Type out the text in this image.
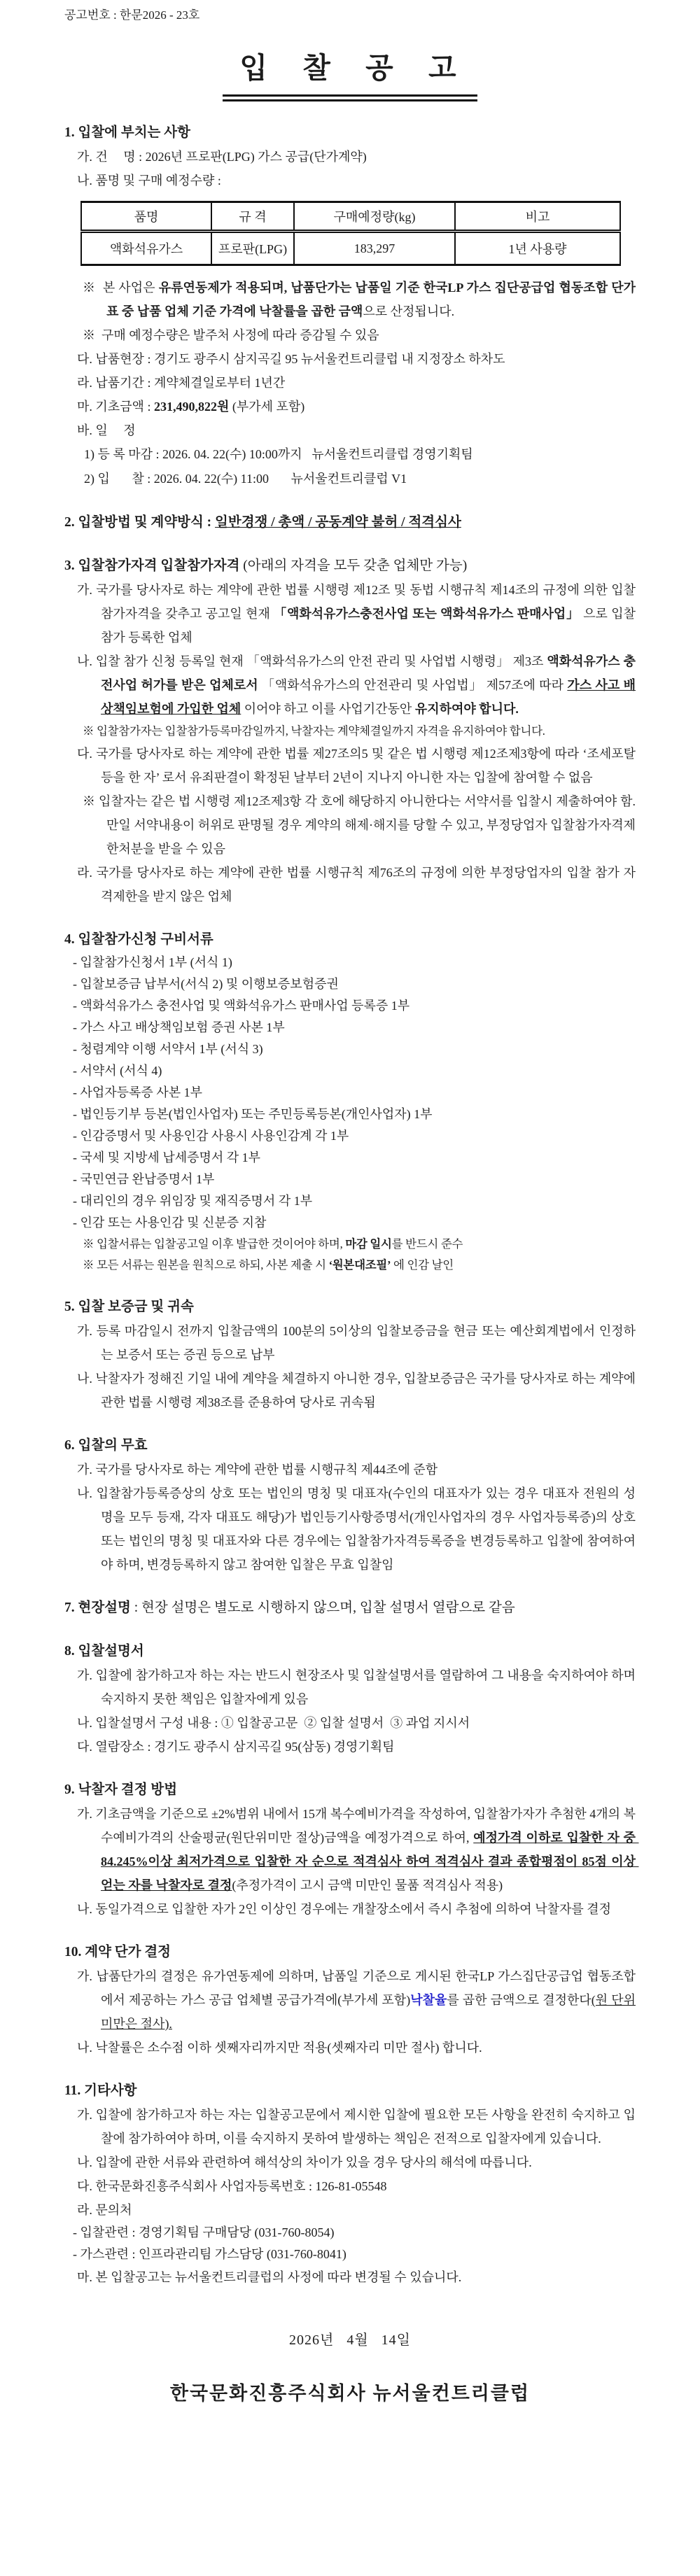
공고번호 : 한문2026 - 23호
입 찰 공 고
1. 입찰에 부치는 사항
가. 건     명 : 2026년 프로판(LPG) 가스 공급(단가계약)
나. 품명 및 구매 예정수량 :
품명	규 격	구매예정량(kg)	비고
액화석유가스	프로판(LPG)	183,297	1년 사용량
※  본 사업은 유류연동제가 적용되며, 납품단가는 납품일 기준 한국LP 가스 집단공급업 협동조합 단가표 중 납품 업체 기준 가격에 낙찰률을 곱한 금액으로 산정됩니다.
※  구매 예정수량은 발주처 사정에 따라 증감될 수 있음
다. 납품현장 : 경기도 광주시 삼지곡길 95 뉴서울컨트리클럽 내 지정장소 하차도
라. 납품기간 : 계약체결일로부터 1년간
마. 기초금액 : 231,490,822원 (부가세 포함)
바. 일     정
1) 등 록 마감 : 2026. 04. 22(수) 10:00까지   뉴서울컨트리클럽 경영기획팀
2) 입       찰 : 2026. 04. 22(수) 11:00       뉴서울컨트리클럽 V1
2. 입찰방법 및 계약방식 : 일반경쟁 / 총액 / 공동계약 불허 / 적격심사
3. 입찰참가자격 입찰참가자격 (아래의 자격을 모두 갖춘 업체만 가능)
가. 국가를 당사자로 하는 계약에 관한 법률 시행령 제12조 및 동법 시행규칙 제14조의 규정에 의한 입찰참가자격을 갖추고 공고일 현재 「액화석유가스충전사업 또는 액화석유가스 판매사업」 으로 입찰참가 등록한 업체
나. 입찰 참가 신청 등록일 현재 「액화석유가스의 안전 관리 및 사업법 시행령」 제3조 액화석유가스 충전사업 허가를 받은 업체로서 「액화석유가스의 안전관리 및 사업법」 제57조에 따라 가스 사고 배상책임보험에 가입한 업체 이어야 하고 이를 사업기간동안 유지하여야 합니다.
※ 입찰참가자는 입찰참가등록마감일까지, 낙찰자는 계약체결일까지 자격을 유지하여야 합니다.
다. 국가를 당사자로 하는 계약에 관한 법률 제27조의5 및 같은 법 시행령 제12조제3항에 따라 ‘조세포탈 등을 한 자’ 로서 유죄판결이 확정된 날부터 2년이 지나지 아니한 자는 입찰에 참여할 수 없음
※ 입찰자는 같은 법 시행령 제12조제3항 각 호에 해당하지 아니한다는 서약서를 입찰시 제출하여야 함. 만일 서약내용이 허위로 판명될 경우 계약의 해제·해지를 당할 수 있고, 부정당업자 입찰참가자격제한처분을 받을 수 있음
라. 국가를 당사자로 하는 계약에 관한 법률 시행규칙 제76조의 규정에 의한 부정당업자의 입찰 참가 자격제한을 받지 않은 업체
4. 입찰참가신청 구비서류
- 입찰참가신청서 1부 (서식 1)
- 입찰보증금 납부서(서식 2) 및 이행보증보험증권
- 액화석유가스 충전사업 및 액화석유가스 판매사업 등록증 1부
- 가스 사고 배상책임보험 증권 사본 1부
- 청렴계약 이행 서약서 1부 (서식 3)
- 서약서 (서식 4)
- 사업자등록증 사본 1부
- 법인등기부 등본(법인사업자) 또는 주민등록등본(개인사업자) 1부
- 인감증명서 및 사용인감 사용시 사용인감계 각 1부
- 국세 및 지방세 납세증명서 각 1부
- 국민연금 완납증명서 1부
- 대리인의 경우 위임장 및 재직증명서 각 1부
- 인감 또는 사용인감 및 신분증 지참
※ 입찰서류는 입찰공고일 이후 발급한 것이어야 하며, 마감 일시를 반드시 준수
※ 모든 서류는 원본을 원칙으로 하되, 사본 제출 시 ‘원본대조필’ 에 인감 날인
5. 입찰 보증금 및 귀속
가. 등록 마감일시 전까지 입찰금액의 100분의 5이상의 입찰보증금을 현금 또는 예산회계법에서 인정하는 보증서 또는 증권 등으로 납부
나. 낙찰자가 정해진 기일 내에 계약을 체결하지 아니한 경우, 입찰보증금은 국가를 당사자로 하는 계약에 관한 법률 시행령 제38조를 준용하여 당사로 귀속됨
6. 입찰의 무효
가. 국가를 당사자로 하는 계약에 관한 법률 시행규칙 제44조에 준함
나. 입찰참가등록증상의 상호 또는 법인의 명칭 및 대표자(수인의 대표자가 있는 경우 대표자 전원의 성명을 모두 등재, 각자 대표도 해당)가 법인등기사항증명서(개인사업자의 경우 사업자등록증)의 상호 또는 법인의 명칭 및 대표자와 다른 경우에는 입찰참가자격등록증을 변경등록하고 입찰에 참여하여야 하며, 변경등록하지 않고 참여한 입찰은 무효 입찰임
7. 현장설명 : 현장 설명은 별도로 시행하지 않으며, 입찰 설명서 열람으로 같음
8. 입찰설명서
가. 입찰에 참가하고자 하는 자는 반드시 현장조사 및 입찰설명서를 열람하여 그 내용을 숙지하여야 하며 숙지하지 못한 책임은 입찰자에게 있음
나. 입찰설명서 구성 내용 : ① 입찰공고문  ② 입찰 설명서  ③ 과업 지시서
다. 열람장소 : 경기도 광주시 삼지곡길 95(삼동) 경영기획팀
9. 낙찰자 결정 방법
가. 기초금액을 기준으로 ±2%범위 내에서 15개 복수예비가격을 작성하여, 입찰참가자가 추첨한 4개의 복수예비가격의 산술평균(원단위미만 절상)금액을 예정가격으로 하여, 예정가격 이하로 입찰한 자 중 84.245%이상 최저가격으로 입찰한 자 순으로 적격심사 하여 적격심사 결과 종합평점이 85점 이상 얻는 자를 낙찰자로 결정(추정가격이 고시 금액 미만인 물품 적격심사 적용)
나. 동일가격으로 입찰한 자가 2인 이상인 경우에는 개찰장소에서 즉시 추첨에 의하여 낙찰자를 결정
10. 계약 단가 결정
가. 납품단가의 결정은 유가연동제에 의하며, 납품일 기준으로 게시된 한국LP 가스집단공급업 협동조합에서 제공하는 가스 공급 업체별 공급가격에(부가세 포함)낙찰율를 곱한 금액으로 결정한다(원 단위미만은 절사).
나. 낙찰률은 소수점 이하 셋째자리까지만 적용(셋째자리 미만 절사) 합니다.
11. 기타사항
가. 입찰에 참가하고자 하는 자는 입찰공고문에서 제시한 입찰에 필요한 모든 사항을 완전히 숙지하고 입찰에 참가하여야 하며, 이를 숙지하지 못하여 발생하는 책임은 전적으로 입찰자에게 있습니다.
나. 입찰에 관한 서류와 관련하여 해석상의 차이가 있을 경우 당사의 해석에 따릅니다.
다. 한국문화진흥주식회사 사업자등록번호 : 126-81-05548
라. 문의처
- 입찰관련 : 경영기획팀 구매담당 (031-760-8054)
- 가스관련 : 인프라관리팀 가스담당 (031-760-8041)
마. 본 입찰공고는 뉴서울컨트리클럽의 사정에 따라 변경될 수 있습니다.
2026년   4월   14일
한국문화진흥주식회사 뉴서울컨트리클럽
